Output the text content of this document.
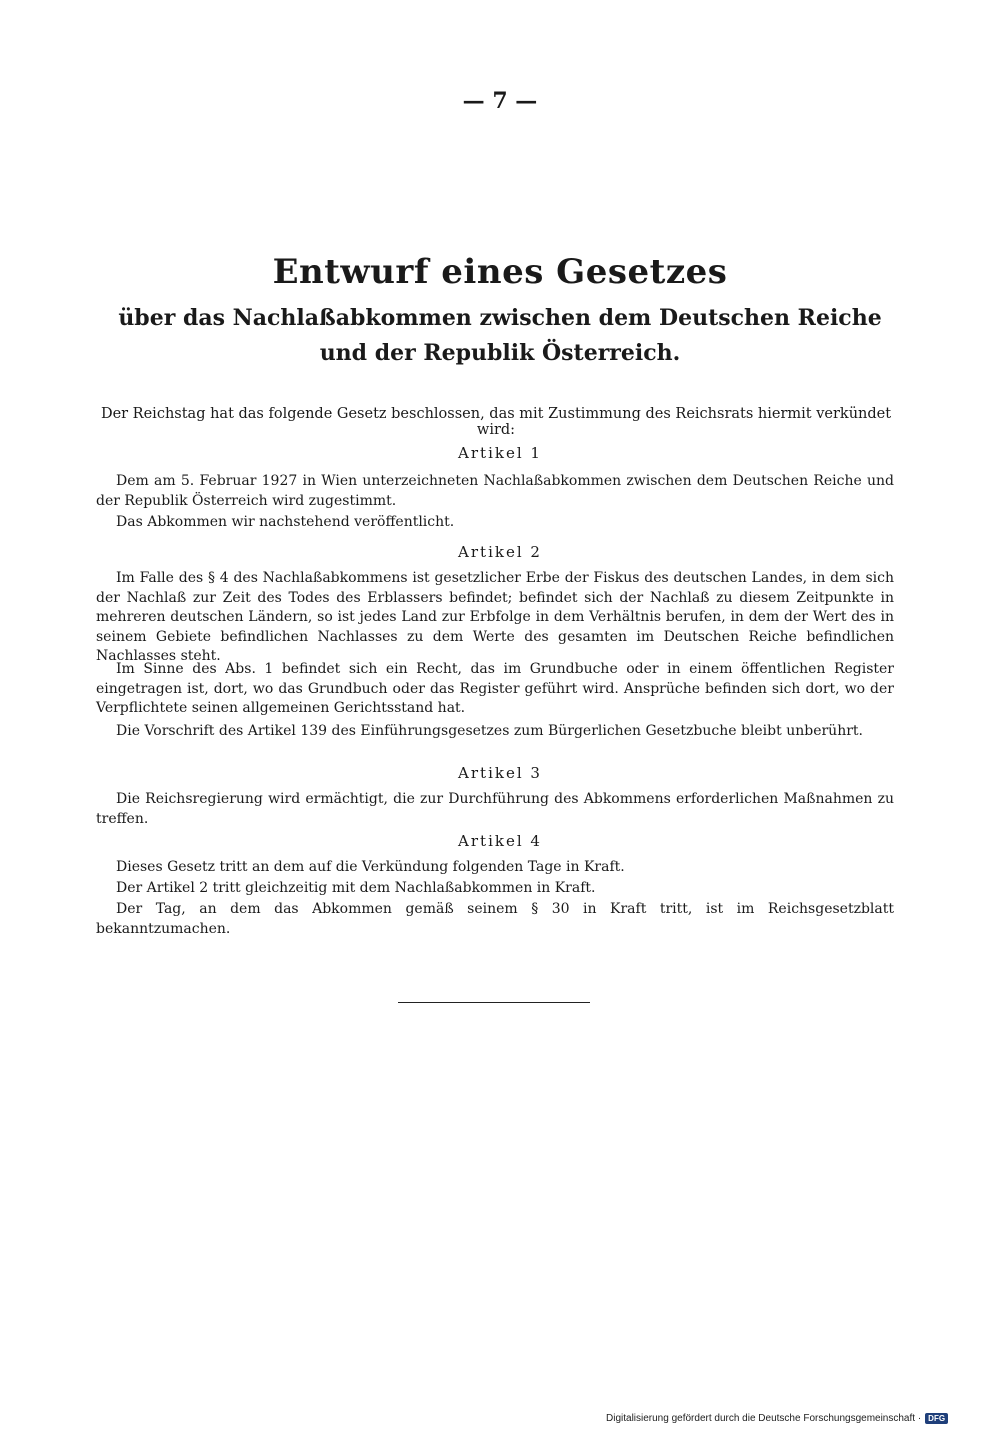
— 7 —
Entwurf eines Gesetzes
über das Nachlaßabkommen zwischen dem Deutschen Reiche
und der Republik Österreich.
Der Reichstag hat das folgende Gesetz beschlossen, das mit Zustimmung des Reichsrats hiermit verkündet wird:
Artikel 1
Dem am 5. Februar 1927 in Wien unterzeichneten Nachlaßabkommen zwischen dem Deutschen Reiche und der Republik Österreich wird zugestimmt.
Das Abkommen wir nachstehend veröffentlicht.
Artikel 2
Im Falle des § 4 des Nachlaßabkommens ist gesetzlicher Erbe der Fiskus des deutschen Landes, in dem sich der Nachlaß zur Zeit des Todes des Erblassers befindet; befindet sich der Nachlaß zu diesem Zeitpunkte in mehreren deutschen Ländern, so ist jedes Land zur Erbfolge in dem Verhältnis berufen, in dem der Wert des in seinem Gebiete befindlichen Nachlasses zu dem Werte des gesamten im Deutschen Reiche befindlichen Nachlasses steht.
Im Sinne des Abs. 1 befindet sich ein Recht, das im Grundbuche oder in einem öffentlichen Register eingetragen ist, dort, wo das Grundbuch oder das Register geführt wird. Ansprüche befinden sich dort, wo der Verpflichtete seinen allgemeinen Gerichtsstand hat.
Die Vorschrift des Artikel 139 des Einführungsgesetzes zum Bürgerlichen Gesetzbuche bleibt unberührt.
Artikel 3
Die Reichsregierung wird ermächtigt, die zur Durchführung des Abkommens erforderlichen Maßnahmen zu treffen.
Artikel 4
Dieses Gesetz tritt an dem auf die Verkündung folgenden Tage in Kraft.
Der Artikel 2 tritt gleichzeitig mit dem Nachlaßabkommen in Kraft.
Der Tag, an dem das Abkommen gemäß seinem § 30 in Kraft tritt, ist im Reichsgesetzblatt bekanntzumachen.
Digitalisierung gefördert durch die Deutsche Forschungsgemeinschaft · DFG
